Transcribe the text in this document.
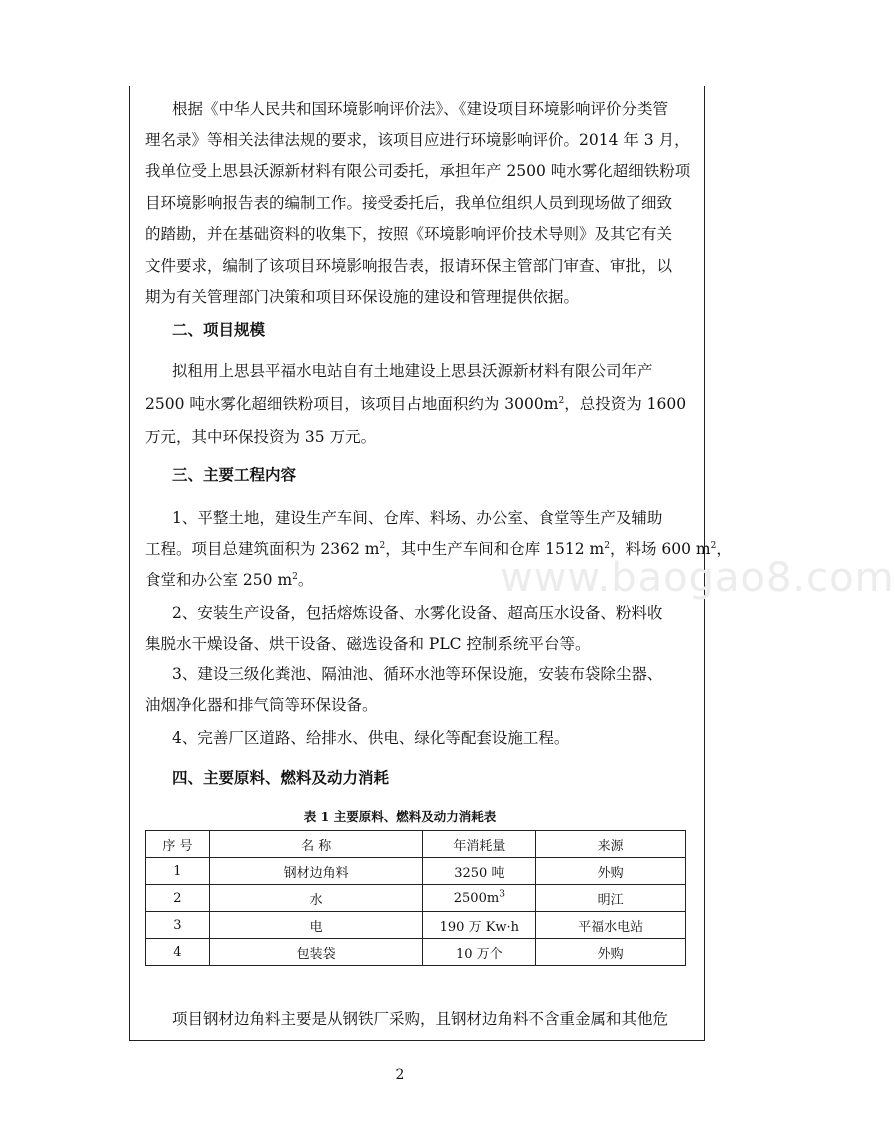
www.baogao8.com
根据《中华人民共和国环境影响评价法》、《建设项目环境影响评价分类管
理名录》等相关法律法规的要求，该项目应进行环境影响评价。2014 年 3 月，
我单位受上思县沃源新材料有限公司委托，承担年产 2500 吨水雾化超细铁粉项
目环境影响报告表的编制工作。接受委托后，我单位组织人员到现场做了细致
的踏勘，并在基础资料的收集下，按照《环境影响评价技术导则》及其它有关
文件要求，编制了该项目环境影响报告表，报请环保主管部门审查、审批，以
期为有关管理部门决策和项目环保设施的建设和管理提供依据。
二、项目规模
拟租用上思县平福水电站自有土地建设上思县沃源新材料有限公司年产
2500 吨水雾化超细铁粉项目，该项目占地面积约为 $3000m^2$，总投资为 1600
万元，其中环保投资为 35 万元。
三、主要工程内容
1、平整土地，建设生产车间、仓库、料场、办公室、食堂等生产及辅助
工程。项目总建筑面积为 2362 $m^2$，其中生产车间和仓库 1512 $m^2$，料场 600 $m^2$，
食堂和办公室 250 $m^2$。
2、安装生产设备，包括熔炼设备、水雾化设备、超高压水设备、粉料收
集脱水干燥设备、烘干设备、磁选设备和 PLC 控制系统平台等。
3、建设三级化粪池、隔油池、循环水池等环保设施，安装布袋除尘器、
油烟净化器和排气筒等环保设备。
4、完善厂区道路、给排水、供电、绿化等配套设施工程。
四、主要原料、燃料及动力消耗
表 1 主要原料、燃料及动力消耗表
序 号	名 称	年消耗量	来源
1	钢材边角料	3250 吨	外购
2	水	$2500m^3$	明江
3	电	190 万 Kw·h	平福水电站
4	包装袋	10 万个	外购
项目钢材边角料主要是从钢铁厂采购，且钢材边角料不含重金属和其他危
2
